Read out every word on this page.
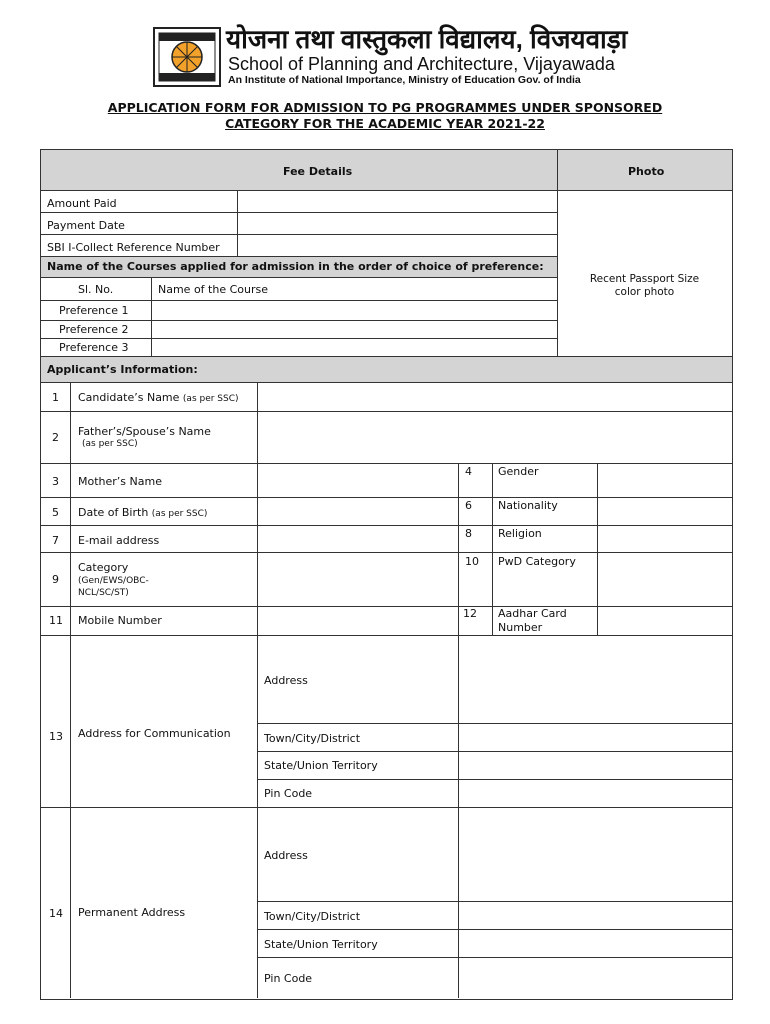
योजना तथा वास्तुकला विद्यालय, विजयवाड़ा
School of Planning and Architecture, Vijayawada
An Institute of National Importance, Ministry of Education Gov. of India
APPLICATION FORM FOR ADMISSION TO PG PROGRAMMES UNDER SPONSORED
CATEGORY FOR THE ACADEMIC YEAR 2021-22
Fee Details	Photo
Amount Paid
Payment Date
SBI I-Collect Reference Number
Recent Passport Size
color photo
Name of the Courses applied for admission in the order of choice of preference:
Sl. No.	Name of the Course
Preference 1
Preference 2
Preference 3
Applicant’s Information:
1 Candidate’s Name (as per SSC)
2 Father’s/Spouse’s Name
(as per SSC)
3 Mother’s Name
4 Gender
5 Date of Birth (as per SSC)
6 Nationality
7 E-mail address
8 Religion
9
Category
(Gen/EWS/OBC-
NCL/SC/ST)
10 PwD Category
11 Mobile Number
12 Aadhar Card
Number
13 Address for Communication
Address
Town/City/District
State/Union Territory
Pin Code
14 Permanent Address
Address
Town/City/District
State/Union Territory
Pin Code
